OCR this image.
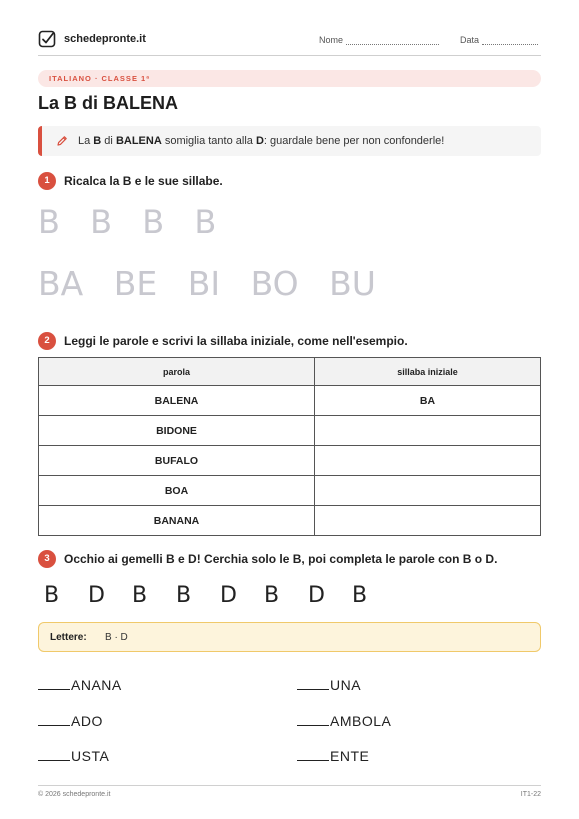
schedepronte.it	Nome	Data
ITALIANO · CLASSE 1ª
La B di BALENA
La B di BALENA somiglia tanto alla D: guardale bene per non confonderle!
1	Ricalca la B e le sue sillabe.
B B B B
BA BE BI BO BU
2	Leggi le parole e scrivi la sillaba iniziale, come nell'esempio.
parola	sillaba iniziale
BALENA	BA
BIDONE	
BUFALO	
BOA	
BANANA	
3	Occhio ai gemelli B e D! Cerchia solo le B, poi completa le parole con B o D.
B D B B D B D B
Lettere: B · D
ANANA	UNA
ADO	AMBOLA
USTA	ENTE
© 2026 schedepronte.it	IT1-22
